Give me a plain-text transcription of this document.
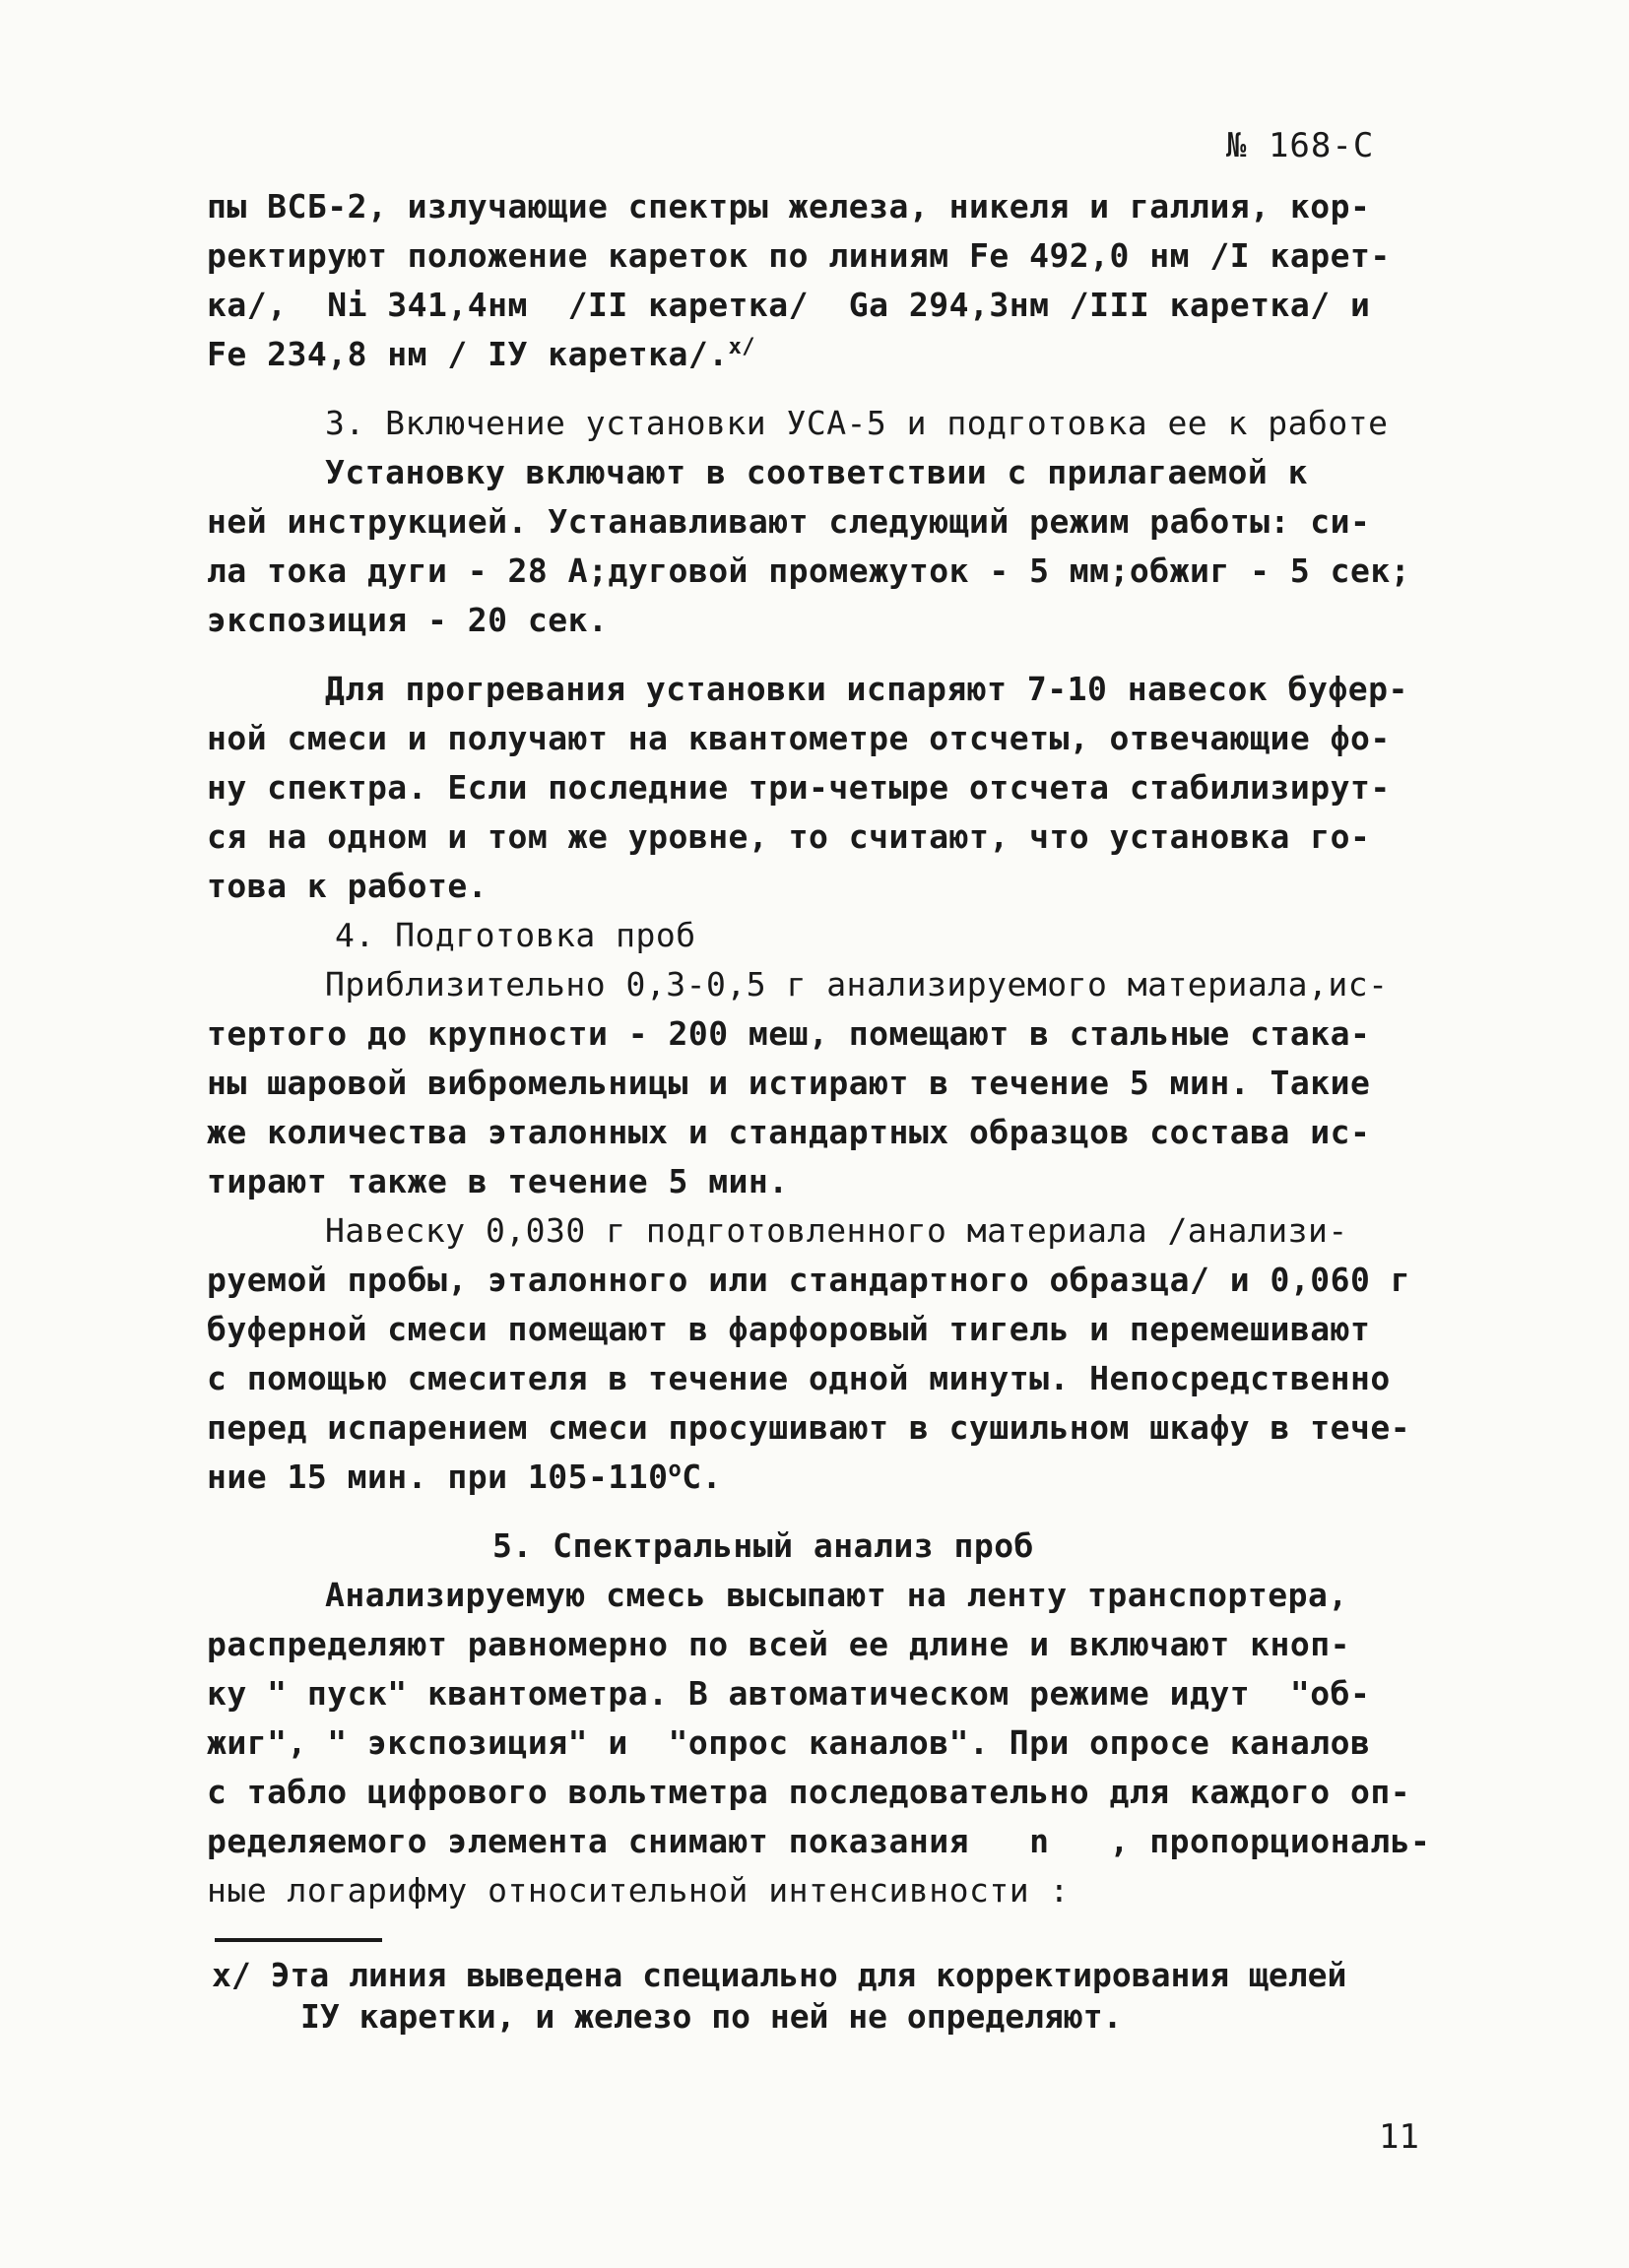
№ 168-С
пы ВСБ-2, излучающие спектры железа, никеля и галлия, кор-
ректируют положение кареток по линиям Fe 492,0 нм /I карет-
ка/,  Ni 341,4нм  /II каретка/  Ga 294,3нм /III каретка/ и
Fe 234,8 нм / IУ каретка/.$^{x/}$
3. Включение установки УСА-5 и подготовка ее к работе
Установку включают в соответствии с прилагаемой к
ней инструкцией. Устанавливают следующий режим работы: си-
ла тока дуги - 28 А;дуговой промежуток - 5 мм;обжиг - 5 сек;
экспозиция - 20 сек.
Для прогревания установки испаряют 7-10 навесок буфер-
ной смеси и получают на квантометре отсчеты, отвечающие фо-
ну спектра. Если последние три-четыре отсчета стабилизирут-
ся на одном и том же уровне, то считают, что установка го-
това к работе.
4. Подготовка проб
Приблизительно 0,3-0,5 г анализируемого материала,ис-
тертого до крупности - 200 меш, помещают в стальные стака-
ны шаровой вибромельницы и истирают в течение 5 мин. Такие
же количества эталонных и стандартных образцов состава ис-
тирают также в течение 5 мин.
Навеску 0,030 г подготовленного материала /анализи-
руемой пробы, эталонного или стандартного образца/ и 0,060 г
буферной смеси помещают в фарфоровый тигель и перемешивают
с помощью смесителя в течение одной минуты. Непосредственно
перед испарением смеси просушивают в сушильном шкафу в тече-
ние 15 мин. при $105-110^оС$.
5. Спектральный анализ проб
Анализируемую смесь высыпают на ленту транспортера,
распределяют равномерно по всей ее длине и включают кноп-
ку " пуск" квантометра. В автоматическом режиме идут  "об-
жиг", " экспозиция" и  "опрос каналов". При опросе каналов
с табло цифрового вольтметра последовательно для каждого оп-
ределяемого элемента снимают показания   n   , пропорциональ-
ные логарифму относительной интенсивности :
x/ Эта линия выведена специально для корректирования щелей
IУ каретки, и железо по ней не определяют.
11
